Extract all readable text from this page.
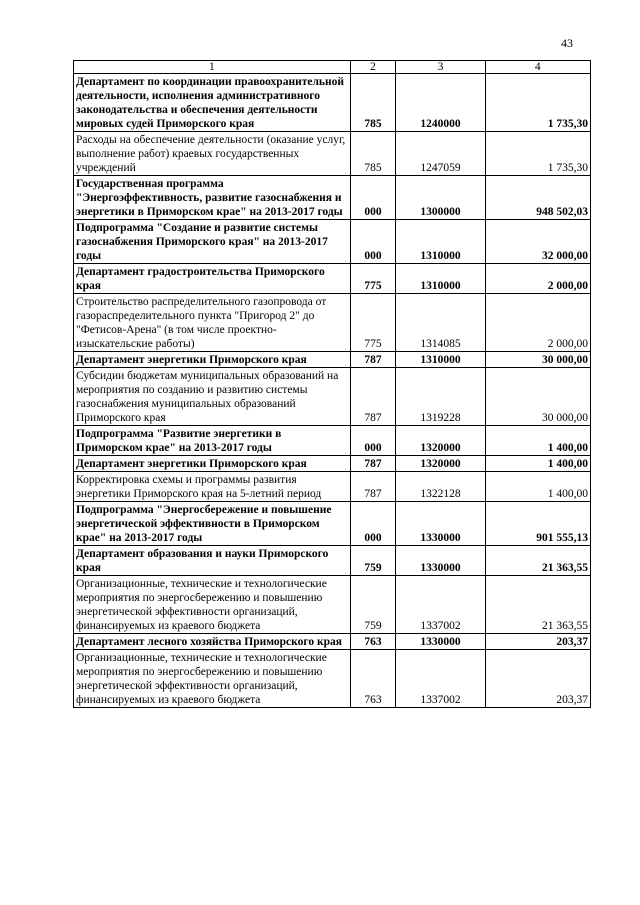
43
1	2	3	4
Департамент по координации правоохранительной деятельности, исполнения административного законодательства и обеспечения деятельности мировых судей Приморского края	785	1240000	1 735,30
Расходы на обеспечение деятельности (оказание услуг, выполнение работ) краевых государственных учреждений	785	1247059	1 735,30
Государственная программа "Энергоэффективность, развитие газоснабжения и энергетики в Приморском крае" на 2013-2017 годы	000	1300000	948 502,03
Подпрограмма "Создание и развитие системы газоснабжения Приморского края" на 2013-2017 годы	000	1310000	32 000,00
Департамент градостроительства Приморского края	775	1310000	2 000,00
Строительство распределительного газопровода от газораспределительного пункта "Пригород 2" до "Фетисов-Арена" (в том числе проектно-изыскательские работы)	775	1314085	2 000,00
Департамент энергетики Приморского края	787	1310000	30 000,00
Субсидии бюджетам муниципальных образований на мероприятия по созданию и развитию системы газоснабжения муниципальных образований Приморского края	787	1319228	30 000,00
Подпрограмма "Развитие энергетики в Приморском крае" на 2013-2017 годы	000	1320000	1 400,00
Департамент энергетики Приморского края	787	1320000	1 400,00
Корректировка схемы и программы развития энергетики Приморского края на 5-летний период	787	1322128	1 400,00
Подпрограмма "Энергосбережение и повышение энергетической эффективности в Приморском крае" на 2013-2017 годы	000	1330000	901 555,13
Департамент образования и науки Приморского края	759	1330000	21 363,55
Организационные, технические и технологические мероприятия по энергосбережению и повышению энергетической эффективности организаций, финансируемых из краевого бюджета	759	1337002	21 363,55
Департамент лесного хозяйства Приморского края	763	1330000	203,37
Организационные, технические и технологические мероприятия по энергосбережению и повышению энергетической эффективности организаций, финансируемых из краевого бюджета	763	1337002	203,37
